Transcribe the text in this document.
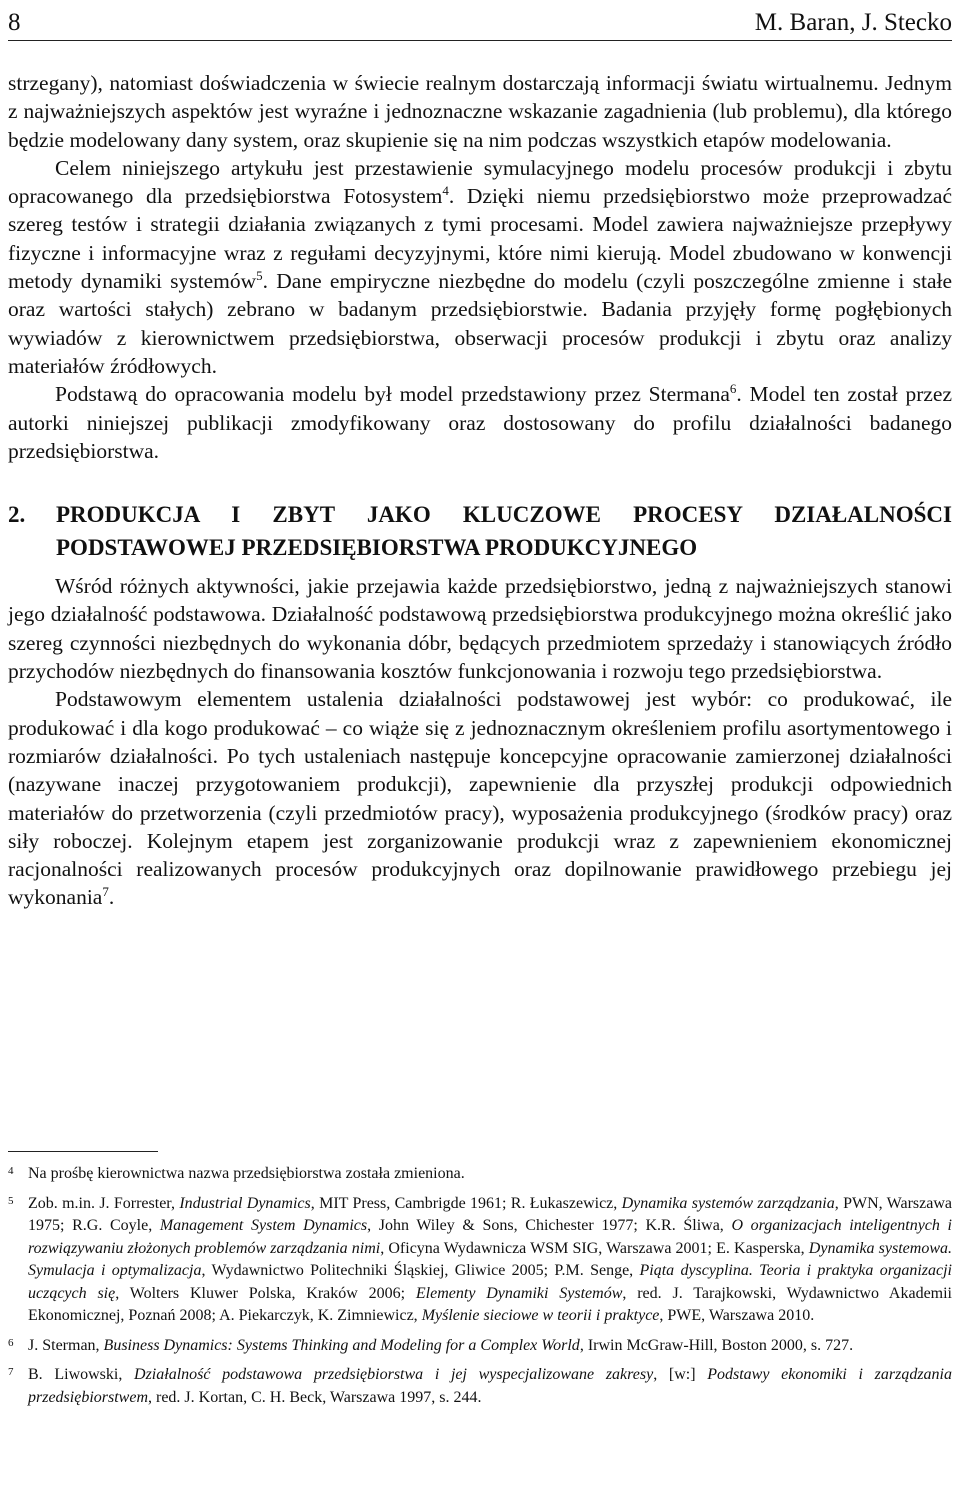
8	M. Baran, J. Stecko

strzegany), natomiast doświadczenia w świecie realnym dostarczają informacji światu wirtualnemu. Jednym z najważniejszych aspektów jest wyraźne i jednoznaczne wskazanie zagadnienia (lub problemu), dla którego będzie modelowany dany system, oraz skupienie się na nim podczas wszystkich etapów modelowania.

Celem niniejszego artykułu jest przestawienie symulacyjnego modelu procesów produkcji i zbytu opracowanego dla przedsiębiorstwa Fotosystem$^4$. Dzięki niemu przedsiębiorstwo może przeprowadzać szereg testów i strategii działania związanych z tymi procesami. Model zawiera najważniejsze przepływy fizyczne i informacyjne wraz z regułami decyzyjnymi, które nimi kierują. Model zbudowano w konwencji metody dynamiki systemów$^5$. Dane empiryczne niezbędne do modelu (czyli poszczególne zmienne i stałe oraz wartości stałych) zebrano w badanym przedsiębiorstwie. Badania przyjęły formę pogłębionych wywiadów z kierownictwem przedsiębiorstwa, obserwacji procesów produkcji i zbytu oraz analizy materiałów źródłowych.

Podstawą do opracowania modelu był model przedstawiony przez Stermana$^6$. Model ten został przez autorki niniejszej publikacji zmodyfikowany oraz dostosowany do profilu działalności badanego przedsiębiorstwa.

2.	PRODUKCJA I ZBYT JAKO KLUCZOWE PROCESY DZIAŁALNOŚCI PODSTAWOWEJ PRZEDSIĘBIORSTWA PRODUKCYJNEGO

Wśród różnych aktywności, jakie przejawia każde przedsiębiorstwo, jedną z najważniejszych stanowi jego działalność podstawowa. Działalność podstawową przedsiębiorstwa produkcyjnego można określić jako szereg czynności niezbędnych do wykonania dóbr, będących przedmiotem sprzedaży i stanowiących źródło przychodów niezbędnych do finansowania kosztów funkcjonowania i rozwoju tego przedsiębiorstwa.

Podstawowym elementem ustalenia działalności podstawowej jest wybór: co produkować, ile produkować i dla kogo produkować – co wiąże się z jednoznacznym określeniem profilu asortymentowego i rozmiarów działalności. Po tych ustaleniach następuje koncepcyjne opracowanie zamierzonej działalności (nazywane inaczej przygotowaniem produkcji), zapewnienie dla przyszłej produkcji odpowiednich materiałów do przetworzenia (czyli przedmiotów pracy), wyposażenia produkcyjnego (środków pracy) oraz siły roboczej. Kolejnym etapem jest zorganizowanie produkcji wraz z zapewnieniem ekonomicznej racjonalności realizowanych procesów produkcyjnych oraz dopilnowanie prawidłowego przebiegu jej wykonania$^7$.

4 Na prośbę kierownictwa nazwa przedsiębiorstwa została zmieniona.
5 Zob. m.in. J. Forrester, Industrial Dynamics, MIT Press, Cambrigde 1961; R. Łukaszewicz, Dynamika systemów zarządzania, PWN, Warszawa 1975; R.G. Coyle, Management System Dynamics, John Wiley & Sons, Chichester 1977; K.R. Śliwa, O organizacjach inteligentnych i rozwiązywaniu złożonych problemów zarządzania nimi, Oficyna Wydawnicza WSM SIG, Warszawa 2001; E. Kasperska, Dynamika systemowa. Symulacja i optymalizacja, Wydawnictwo Politechniki Śląskiej, Gliwice 2005; P.M. Senge, Piąta dyscyplina. Teoria i praktyka organizacji uczących się, Wolters Kluwer Polska, Kraków 2006; Elementy Dynamiki Systemów, red. J. Tarajkowski, Wydawnictwo Akademii Ekonomicznej, Poznań 2008; A. Piekarczyk, K. Zimniewicz, Myślenie sieciowe w teorii i praktyce, PWE, Warszawa 2010.
6 J. Sterman, Business Dynamics: Systems Thinking and Modeling for a Complex World, Irwin McGraw-Hill, Boston 2000, s. 727.
7 B. Liwowski, Działalność podstawowa przedsiębiorstwa i jej wyspecjalizowane zakresy, [w:] Podstawy ekonomiki i zarządzania przedsiębiorstwem, red. J. Kortan, C. H. Beck, Warszawa 1997, s. 244.
